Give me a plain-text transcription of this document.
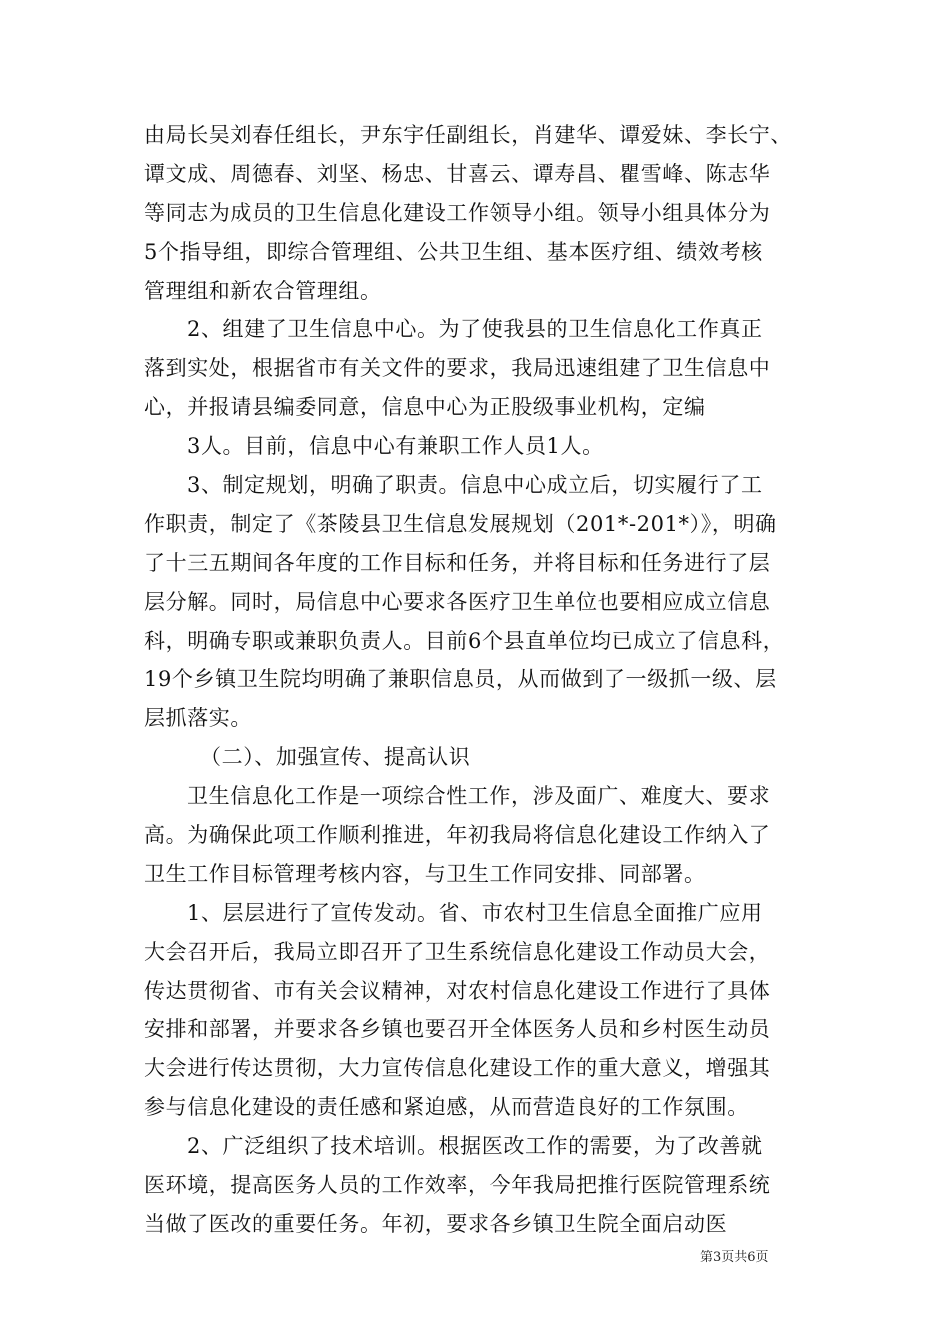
由局长吴刘春任组长，尹东宇任副组长，肖建华、谭爱妹、李长宁、
谭文成、周德春、刘坚、杨忠、甘喜云、谭寿昌、瞿雪峰、陈志华
等同志为成员的卫生信息化建设工作领导小组。领导小组具体分为
5个指导组，即综合管理组、公共卫生组、基本医疗组、绩效考核
管理组和新农合管理组。
2、组建了卫生信息中心。为了使我县的卫生信息化工作真正
落到实处，根据省市有关文件的要求，我局迅速组建了卫生信息中
心，并报请县编委同意，信息中心为正股级事业机构，定编
3人。目前，信息中心有兼职工作人员1人。
3、制定规划，明确了职责。信息中心成立后，切实履行了工
作职责，制定了《茶陵县卫生信息发展规划（201*-201*）》，明确
了十三五期间各年度的工作目标和任务，并将目标和任务进行了层
层分解。同时，局信息中心要求各医疗卫生单位也要相应成立信息
科，明确专职或兼职负责人。目前6个县直单位均已成立了信息科，
19个乡镇卫生院均明确了兼职信息员，从而做到了一级抓一级、层
层抓落实。
（二）、加强宣传、提高认识
卫生信息化工作是一项综合性工作，涉及面广、难度大、要求
高。为确保此项工作顺利推进，年初我局将信息化建设工作纳入了
卫生工作目标管理考核内容，与卫生工作同安排、同部署。
1、层层进行了宣传发动。省、市农村卫生信息全面推广应用
大会召开后，我局立即召开了卫生系统信息化建设工作动员大会，
传达贯彻省、市有关会议精神，对农村信息化建设工作进行了具体
安排和部署，并要求各乡镇也要召开全体医务人员和乡村医生动员
大会进行传达贯彻，大力宣传信息化建设工作的重大意义，增强其
参与信息化建设的责任感和紧迫感，从而营造良好的工作氛围。
2、广泛组织了技术培训。根据医改工作的需要，为了改善就
医环境，提高医务人员的工作效率，今年我局把推行医院管理系统
当做了医改的重要任务。年初，要求各乡镇卫生院全面启动医
第3页共6页
